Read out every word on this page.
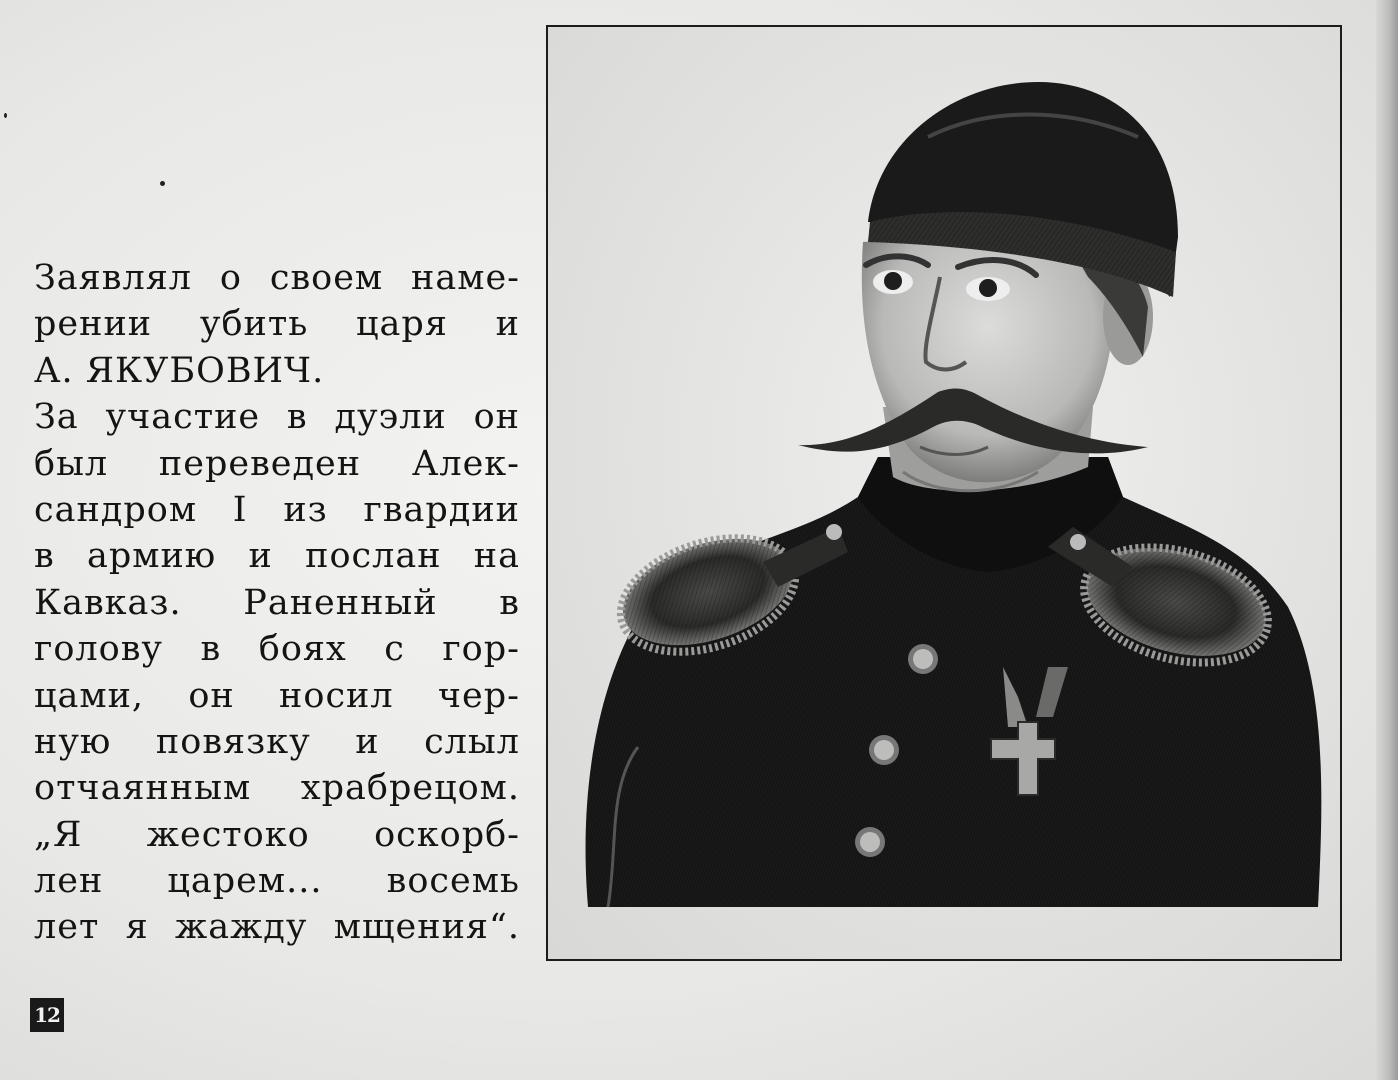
Заявлял о своем наме-
рении убить царя и
А. ЯКУБОВИЧ.
За участие в дуэли он
был переведен Алек-
сандром I из гвардии
в армию и послан на
Кавказ. Раненный в
голову в боях с гор-
цами, он носил чер-
ную повязку и слыл
отчаянным храбрецом.
„Я жестоко оскорб-
лен царем... восемь
лет я жажду мщения“.
12
